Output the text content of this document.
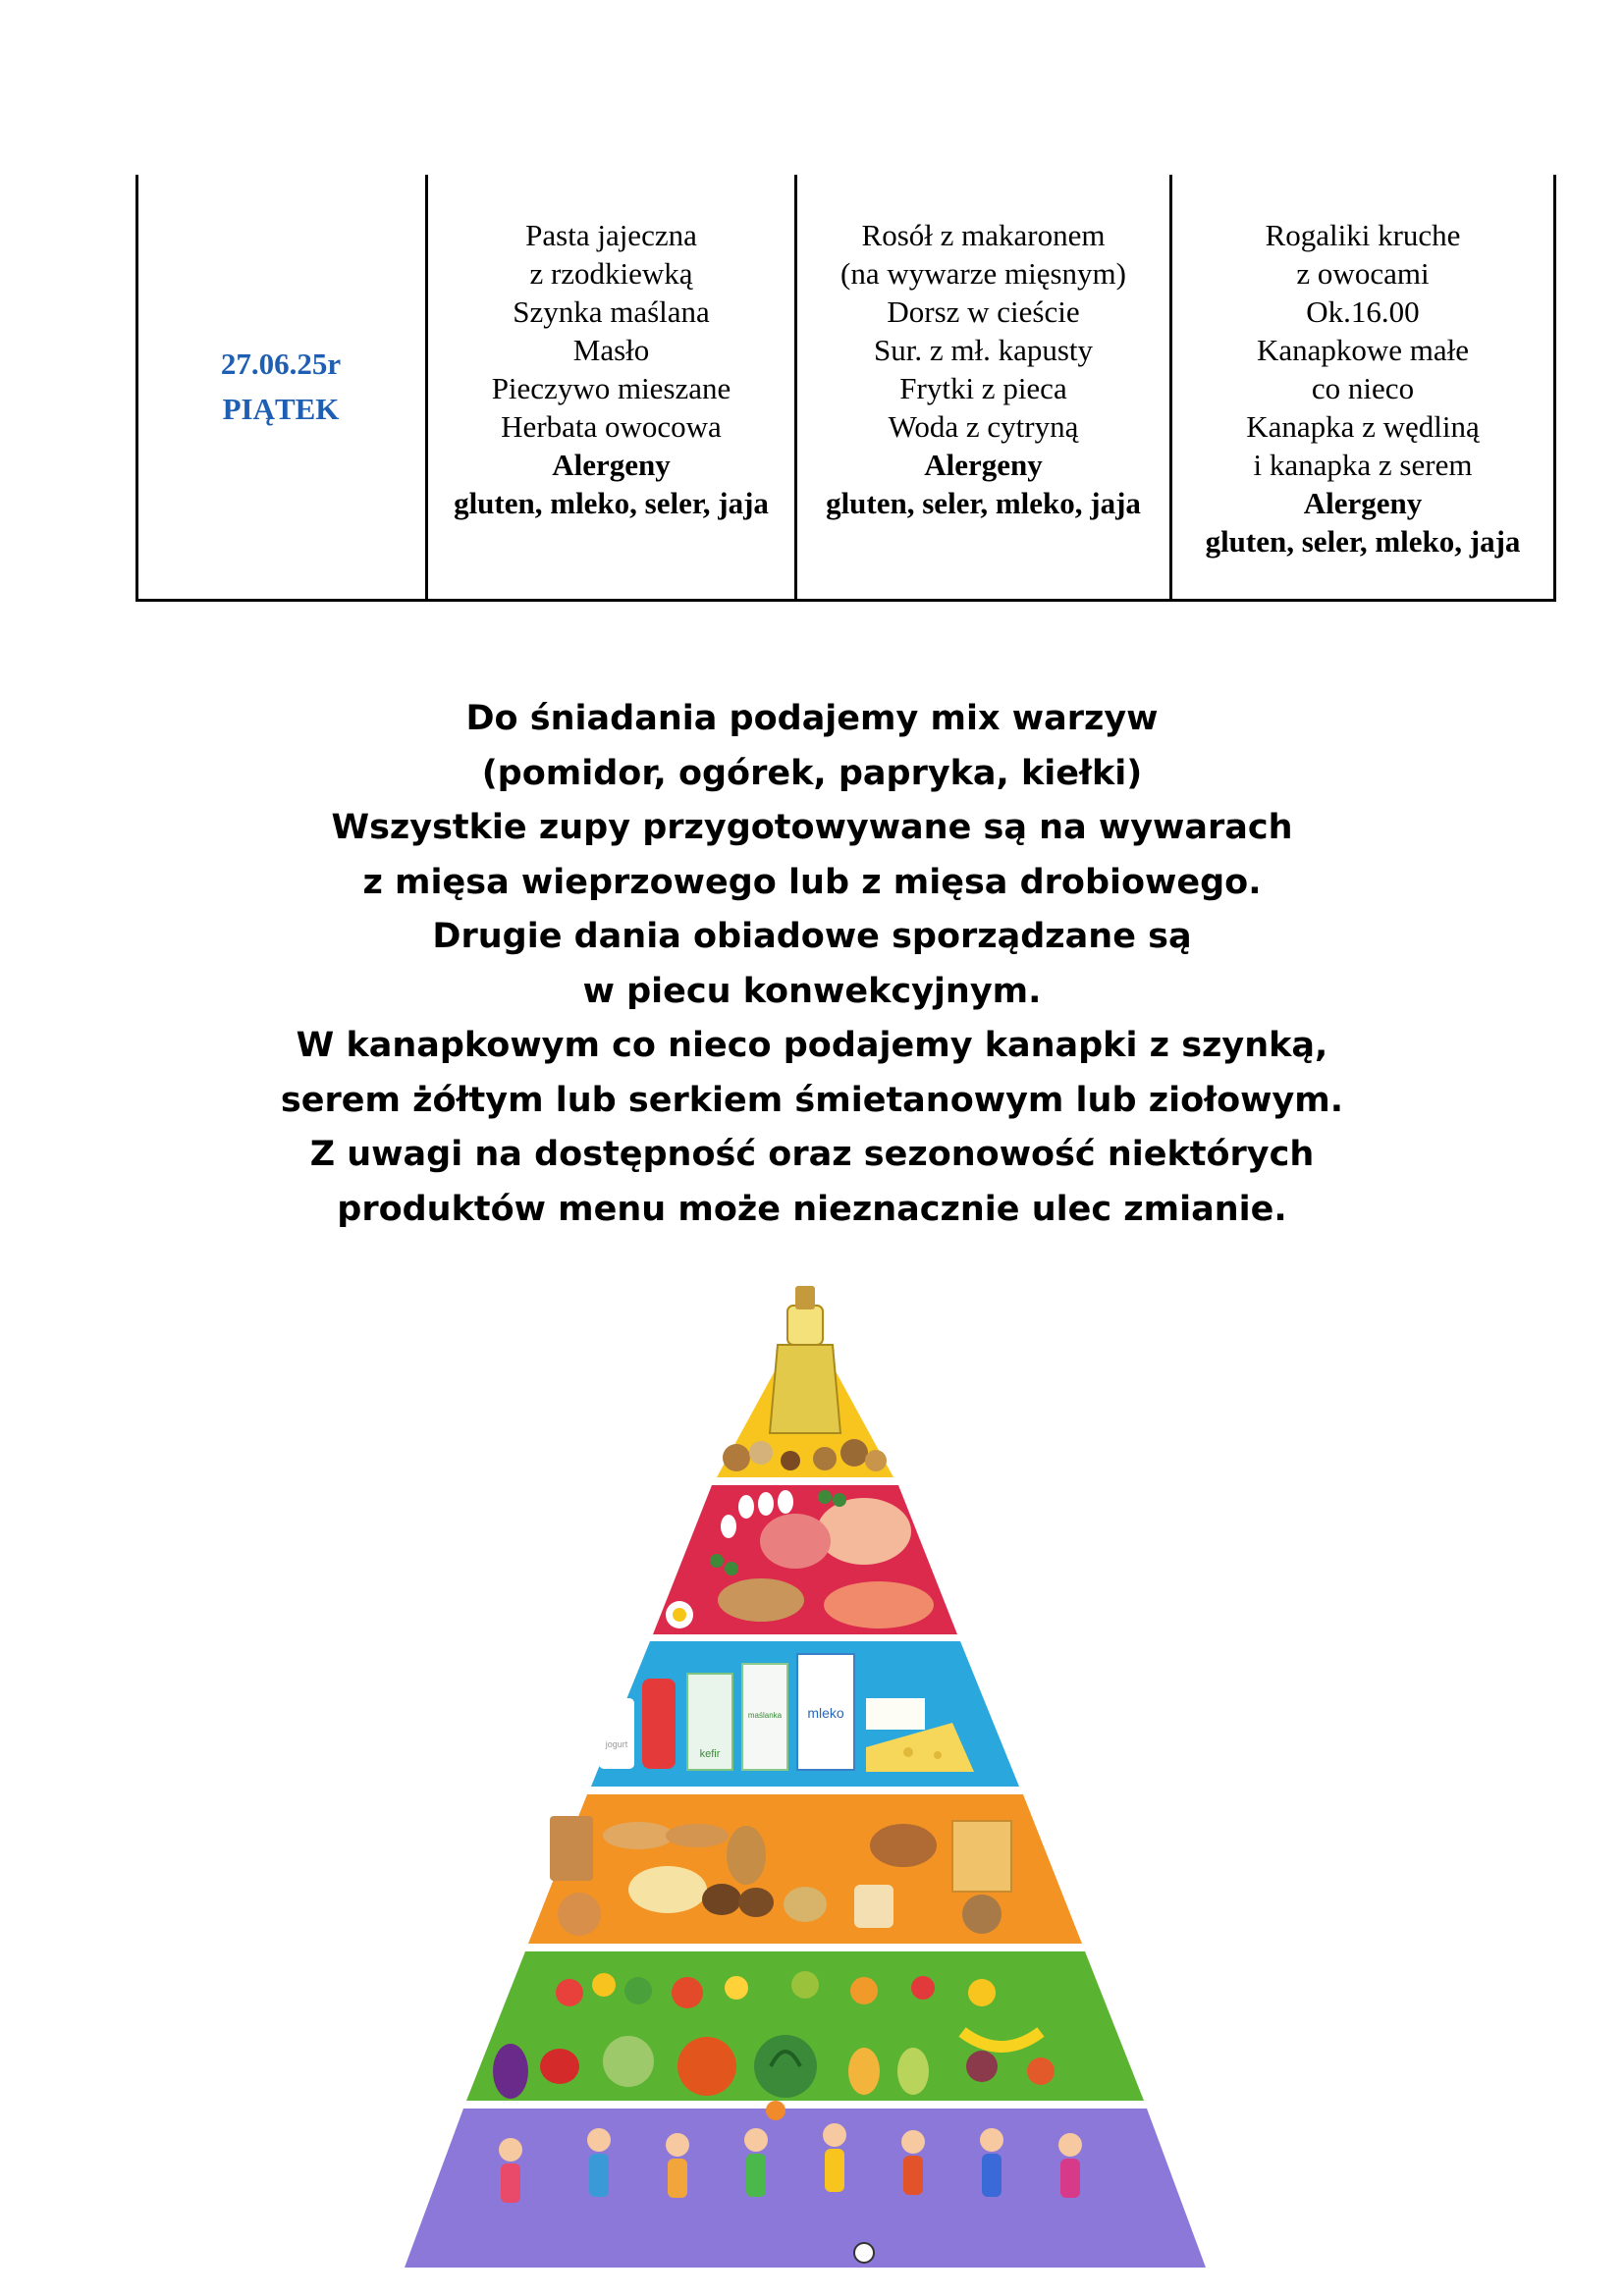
27.06.25r
PIĄTEK
Pasta jajeczna
z rzodkiewką
Szynka maślana
Masło
Pieczywo mieszane
Herbata owocowa
Alergeny
gluten, mleko, seler, jaja
Rosół z makaronem
(na wywarze mięsnym)
Dorsz w cieście
Sur. z mł. kapusty
Frytki z pieca
Woda z cytryną
Alergeny
gluten, seler, mleko, jaja
Rogaliki kruche
z owocami
Ok.16.00
Kanapkowe małe
co nieco
Kanapka z wędliną
i kanapka z serem
Alergeny
gluten, seler, mleko, jaja
Do śniadania podajemy mix warzyw
(pomidor, ogórek, papryka, kiełki)
Wszystkie zupy przygotowywane są na wywarach
z mięsa wieprzowego lub z mięsa drobiowego.
Drugie dania obiadowe sporządzane są
w piecu konwekcyjnym.
W kanapkowym co nieco podajemy kanapki z szynką,
serem żółtym lub serkiem śmietanowym lub ziołowym.
Z uwagi na dostępność oraz sezonowość niektórych
produktów menu może nieznacznie ulec zmianie.
jogurt
kefir
maślanka mleko
